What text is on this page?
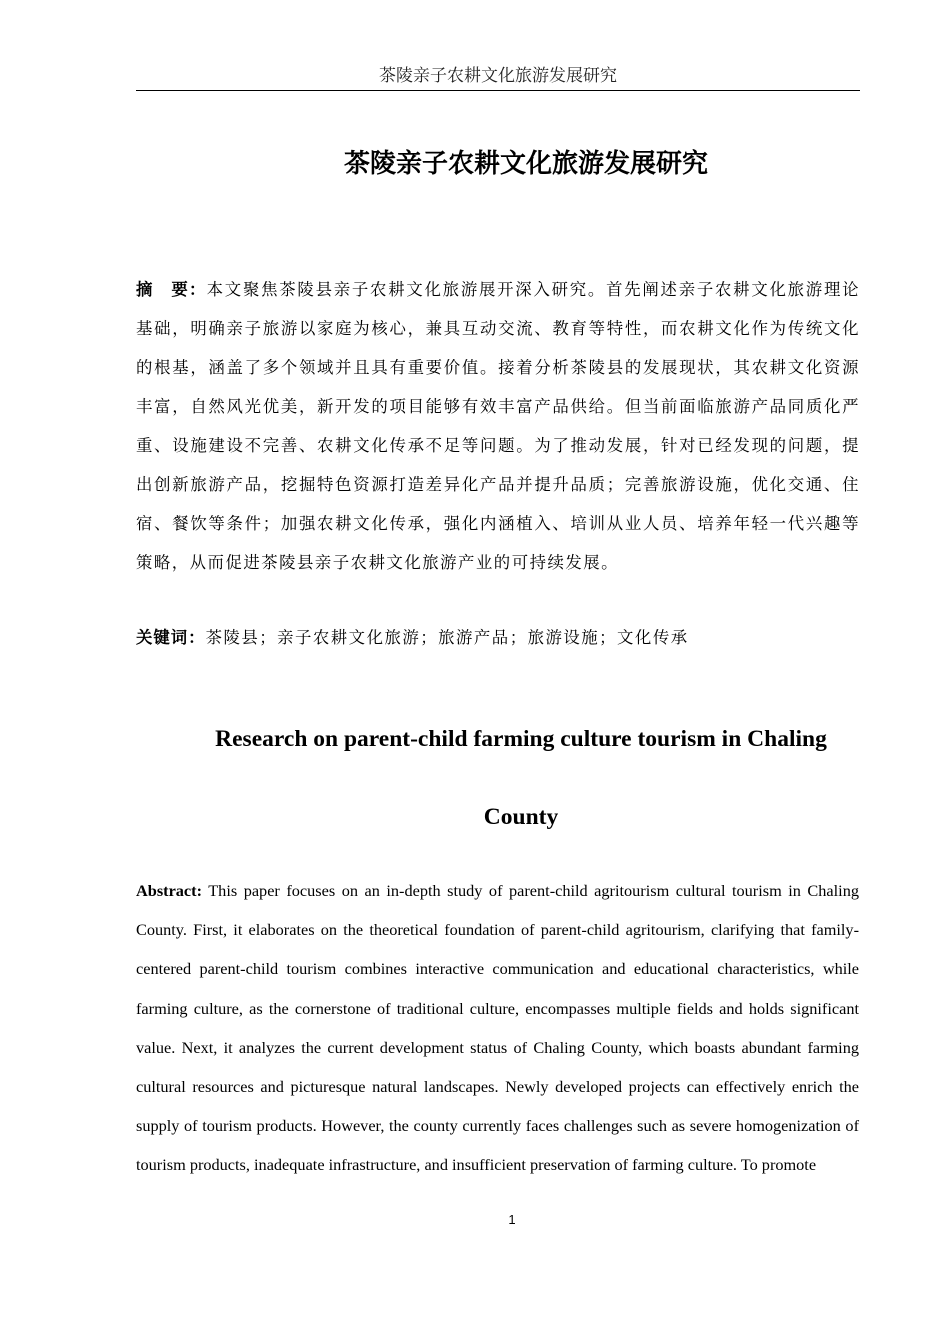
茶陵亲子农耕文化旅游发展研究
茶陵亲子农耕文化旅游发展研究

摘　要：本文聚焦茶陵县亲子农耕文化旅游展开深入研究。首先阐述亲子农耕文化旅游理论基础，明确亲子旅游以家庭为核心，兼具互动交流、教育等特性，而农耕文化作为传统文化的根基，涵盖了多个领域并且具有重要价值。接着分析茶陵县的发展现状，其农耕文化资源丰富，自然风光优美，新开发的项目能够有效丰富产品供给。但当前面临旅游产品同质化严重、设施建设不完善、农耕文化传承不足等问题。为了推动发展，针对已经发现的问题，提出创新旅游产品，挖掘特色资源打造差异化产品并提升品质；完善旅游设施，优化交通、住宿、餐饮等条件；加强农耕文化传承，强化内涵植入、培训从业人员、培养年轻一代兴趣等策略，从而促进茶陵县亲子农耕文化旅游产业的可持续发展。

关键词：茶陵县；亲子农耕文化旅游；旅游产品；旅游设施；文化传承

Research on parent-child farming culture tourism in Chaling
County

Abstract: This paper focuses on an in-depth study of parent-child agritourism cultural tourism in Chaling County. First, it elaborates on the theoretical foundation of parent-child agritourism, clarifying that family-centered parent-child tourism combines interactive communication and educational characteristics, while farming culture, as the cornerstone of traditional culture, encompasses multiple fields and holds significant value. Next, it analyzes the current development status of Chaling County, which boasts abundant farming cultural resources and picturesque natural landscapes. Newly developed projects can effectively enrich the supply of tourism products. However, the county currently faces challenges such as severe homogenization of tourism products, inadequate infrastructure, and insufficient preservation of farming culture. To promote

1
